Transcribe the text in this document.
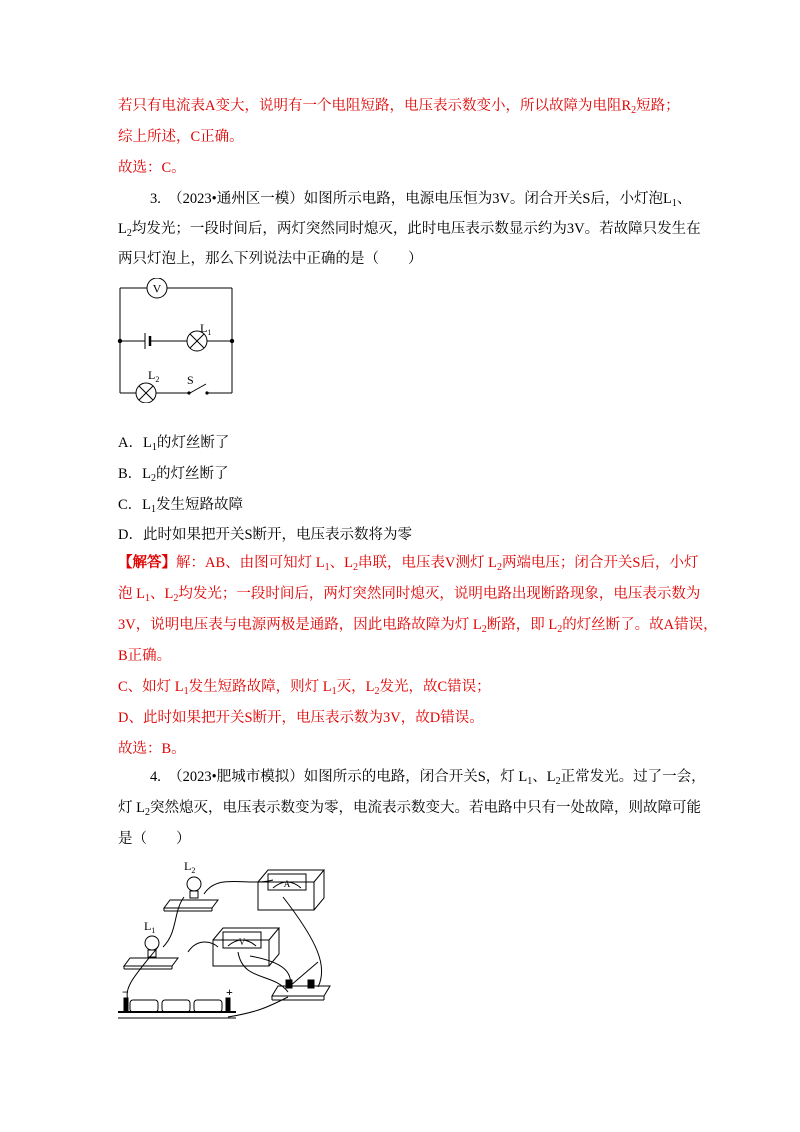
若只有电流表A变大，说明有一个电阻短路，电压表示数变小，所以故障为电阻$R_2$短路；
综上所述，C正确。
故选：C。
3.　（2023•通州区一模）如图所示电路，电源电压恒为3V。闭合开关S后，小灯泡$L_1$、
$L_2$均发光；一段时间后，两灯突然同时熄灭，此时电压表示数显示约为3V。若故障只发生在
两只灯泡上，那么下列说法中正确的是（　　）
V
$L_1$
$L_2$ S
A．$L_1$的灯丝断了
B．$L_2$的灯丝断了
C．$L_1$发生短路故障
D．此时如果把开关S断开，电压表示数将为零
【解答】解：AB、由图可知灯 $L_1$、$L_2$串联，电压表V测灯 $L_2$两端电压；闭合开关S后，小灯
泡 $L_1$、$L_2$均发光；一段时间后，两灯突然同时熄灭，说明电路出现断路现象，电压表示数为
3V，说明电压表与电源两极是通路，因此电路故障为灯 $L_2$断路，即 $L_2$的灯丝断了。故A错误，
B正确。
C、如灯 $L_1$发生短路故障，则灯 $L_1$灭，$L_2$发光，故C错误；
D、此时如果把开关S断开，电压表示数为3V，故D错误。
故选：B。
4.　（2023•肥城市模拟）如图所示的电路，闭合开关S，灯 $L_1$、$L_2$正常发光。过了一会，
灯 $L_2$突然熄灭，电压表示数变为零，电流表示数变大。若电路中只有一处故障，则故障可能
是（　　）
$L_2$
$L_1$
A
V
−	+
